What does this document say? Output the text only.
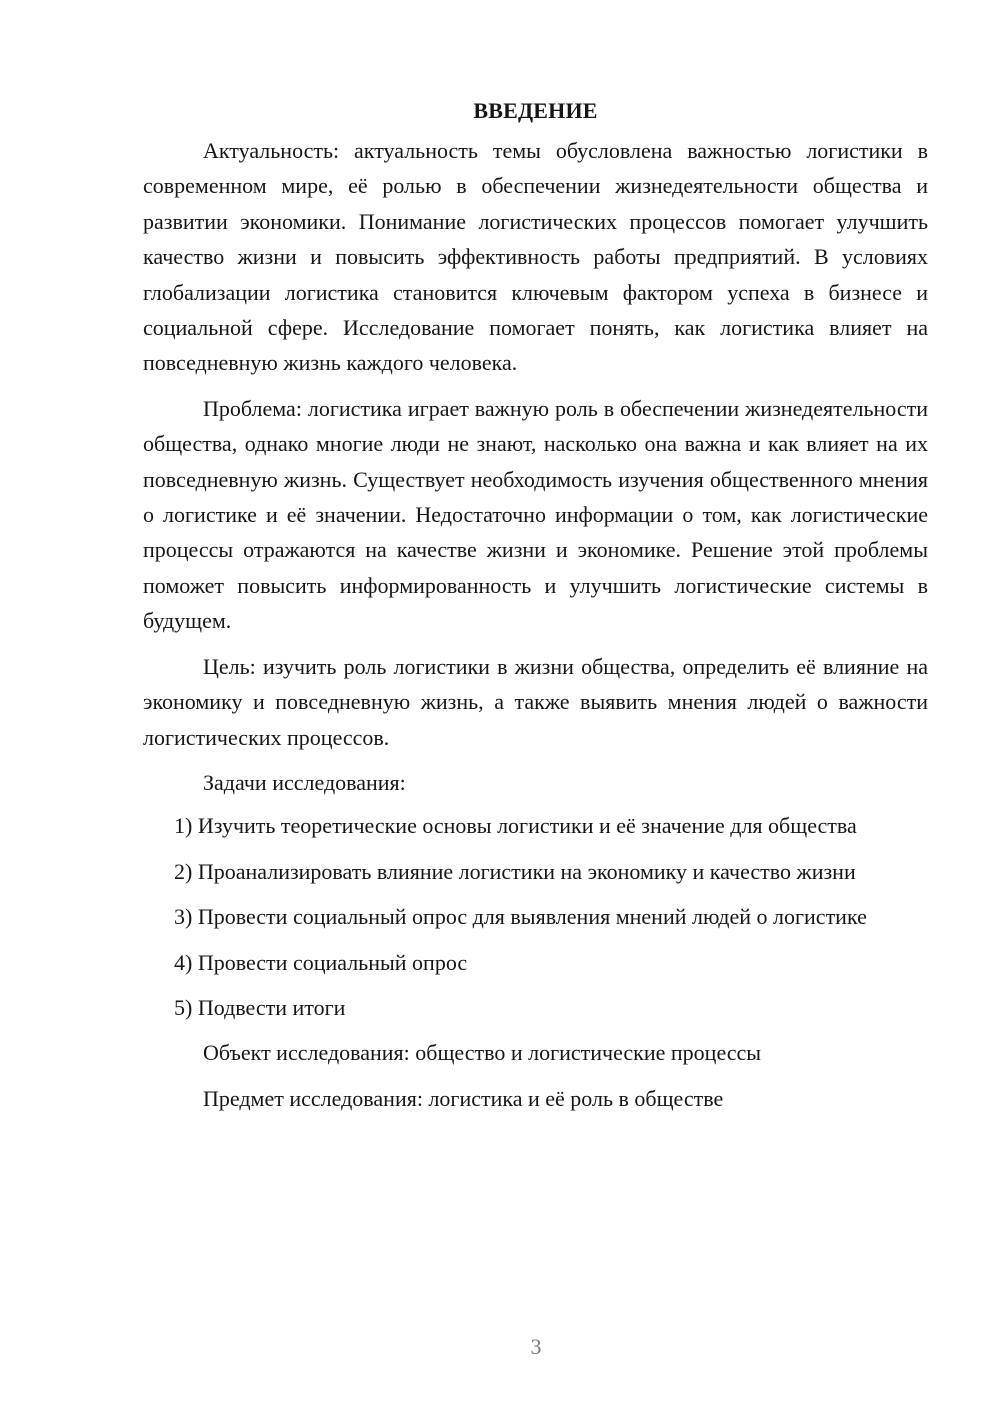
ВВЕДЕНИЕ

Актуальность: актуальность темы обусловлена важностью логистики в современном мире, её ролью в обеспечении жизнедеятельности общества и развитии экономики. Понимание логистических процессов помогает улучшить качество жизни и повысить эффективность работы предприятий. В условиях глобализации логистика становится ключевым фактором успеха в бизнесе и социальной сфере. Исследование помогает понять, как логистика влияет на повседневную жизнь каждого человека.

Проблема: логистика играет важную роль в обеспечении жизнедеятельности общества, однако многие люди не знают, насколько она важна и как влияет на их повседневную жизнь. Существует необходимость изучения общественного мнения о логистике и её значении. Недостаточно информации о том, как логистические процессы отражаются на качестве жизни и экономике. Решение этой проблемы поможет повысить информированность и улучшить логистические системы в будущем.

Цель: изучить роль логистики в жизни общества, определить её влияние на экономику и повседневную жизнь, а также выявить мнения людей о важности логистических процессов.

Задачи исследования:

1) Изучить теоретические основы логистики и её значение для общества

2) Проанализировать влияние логистики на экономику и качество жизни

3) Провести социальный опрос для выявления мнений людей о логистике

4) Провести социальный опрос

5) Подвести итоги

Объект исследования: общество и логистические процессы

Предмет исследования: логистика и её роль в обществе

3
